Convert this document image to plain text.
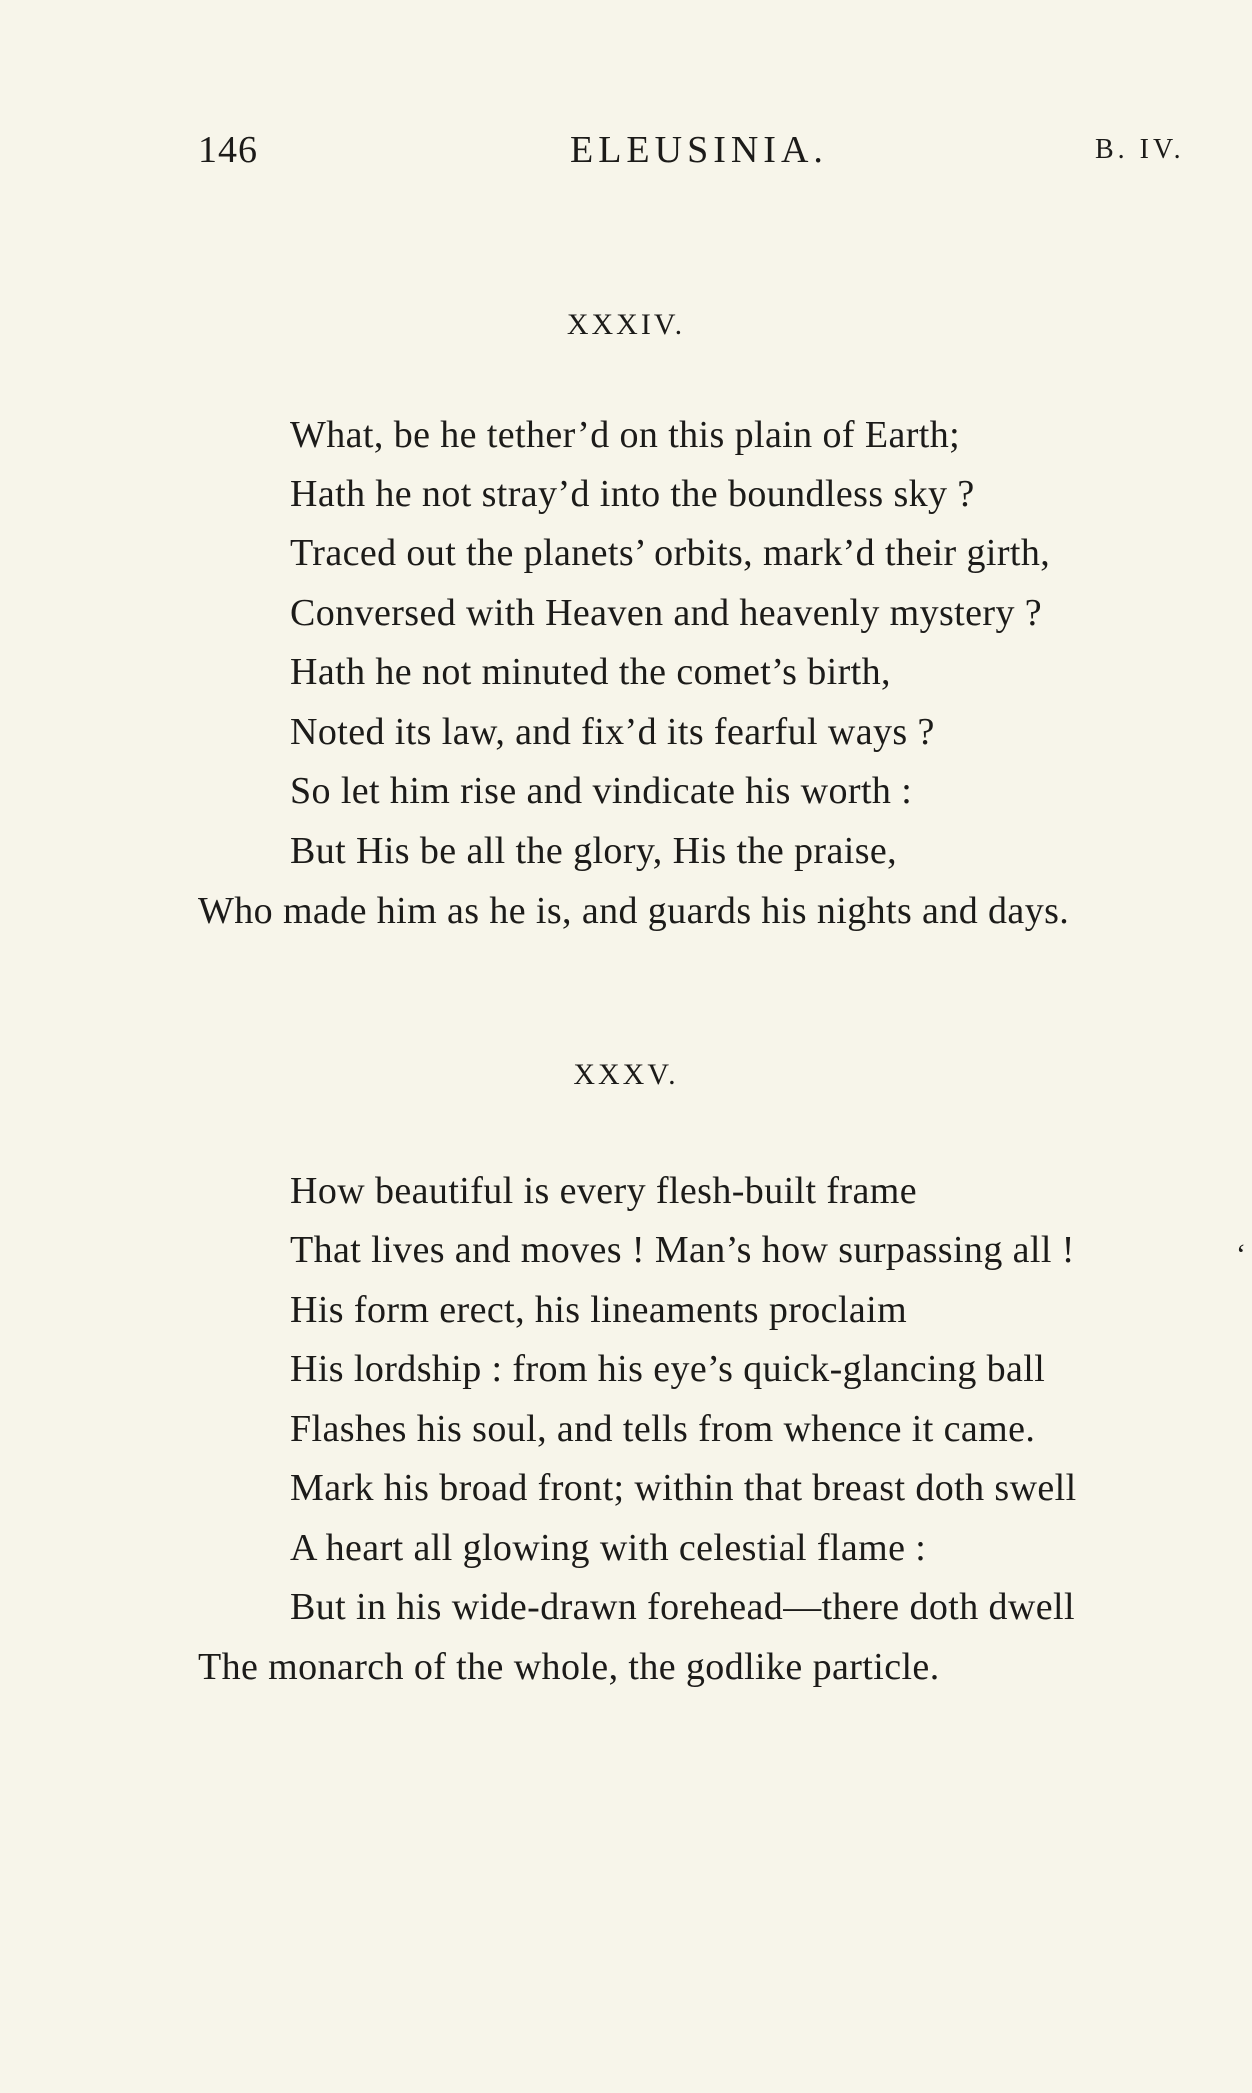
146	ELEUSINIA.	B. IV.
XXXIV.
What, be he tether’d on this plain of Earth;
Hath he not stray’d into the boundless sky ?
Traced out the planets’ orbits, mark’d their girth,
Conversed with Heaven and heavenly mystery ?
Hath he not minuted the comet’s birth,
Noted its law, and fix’d its fearful ways ?
So let him rise and vindicate his worth :
But His be all the glory, His the praise,
Who made him as he is, and guards his nights and days.
XXXV.
How beautiful is every flesh-built frame
That lives and moves ! Man’s how surpassing all !
His form erect, his lineaments proclaim
His lordship : from his eye’s quick-glancing ball
Flashes his soul, and tells from whence it came.
Mark his broad front; within that breast doth swell
A heart all glowing with celestial flame :
But in his wide-drawn forehead—there doth dwell
The monarch of the whole, the godlike particle.
ʻ
